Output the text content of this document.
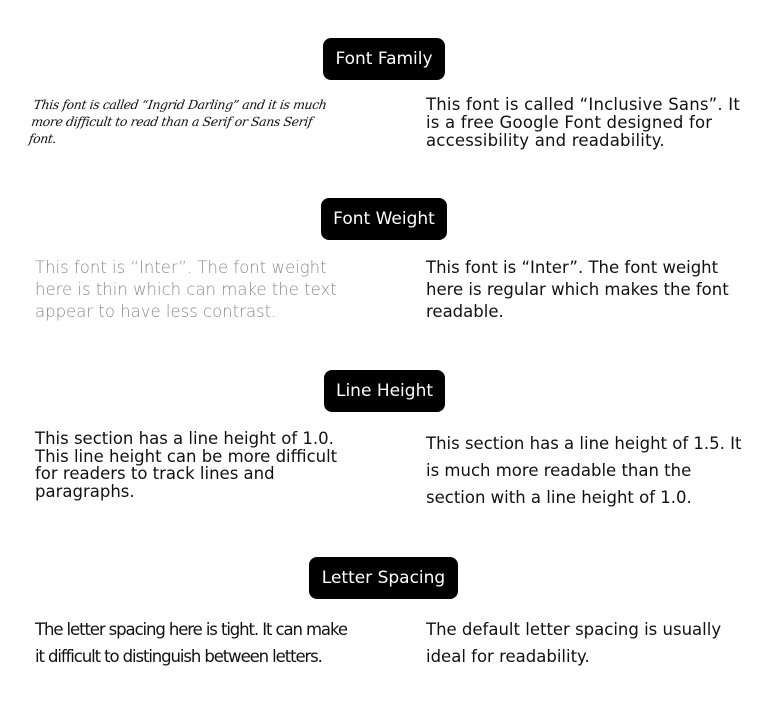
Font Family
This font is called “Ingrid Darling” and it is much more difficult to read than a Serif or Sans Serif font.
This font is called “Inclusive Sans”. It is a free Google Font designed for accessibility and readability.
Font Weight
This font is “Inter”. The font weight here is thin which can make the text appear to have less contrast.
This font is “Inter”. The font weight here is regular which makes the font readable.
Line Height
This section has a line height of 1.0. This line height can be more difficult for readers to track lines and paragraphs.
This section has a line height of 1.5. It is much more readable than the section with a line height of 1.0.
Letter Spacing
The letter spacing here is tight. It can make it difficult to distinguish between letters.
The default letter spacing is usually ideal for readability.
